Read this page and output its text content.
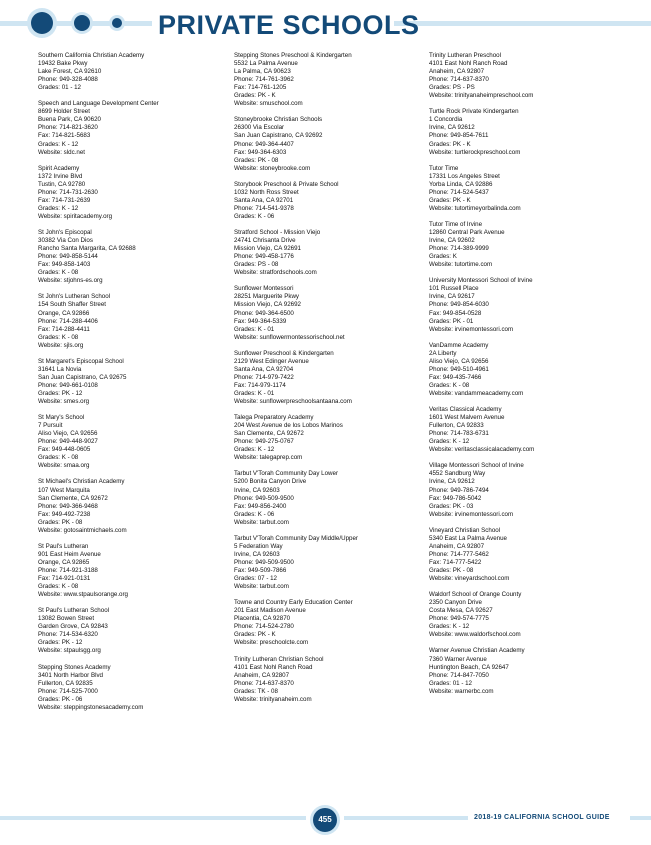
PRIVATE SCHOOLS
Southern California Christian Academy
19432 Bake Pkwy
Lake Forest, CA 92610
Phone: 949-328-4088
Grades: 01 - 12
Speech and Language Development Center
8699 Holder Street
Buena Park, CA 90620
Phone: 714-821-3620
Fax: 714-821-5683
Grades: K - 12
Website: sldc.net
Spirit Academy
1372 Irvine Blvd
Tustin, CA 92780
Phone: 714-731-2630
Fax: 714-731-2639
Grades: K - 12
Website: spiritacademy.org
St John's Episcopal
30382 Via Con Dios
Rancho Santa Margarita, CA 92688
Phone: 949-858-5144
Fax: 949-858-1403
Grades: K - 08
Website: stjohns-es.org
St John's Lutheran School
154 South Shaffer Street
Orange, CA 92866
Phone: 714-288-4406
Fax: 714-288-4411
Grades: K - 08
Website: sjls.org
St Margaret's Episcopal School
31641 La Novia
San Juan Capistrano, CA 92675
Phone: 949-661-0108
Grades: PK - 12
Website: smes.org
St Mary's School
7 Pursuit
Aliso Viejo, CA 92656
Phone: 949-448-9027
Fax: 949-448-0605
Grades: K - 08
Website: smaa.org
St Michael's Christian Academy
107 West Marquita
San Clemente, CA 92672
Phone: 949-366-9468
Fax: 949-492-7238
Grades: PK - 08
Website: gotosaintmichaels.com
St Paul's Lutheran
901 East Heim Avenue
Orange, CA 92865
Phone: 714-921-3188
Fax: 714-921-0131
Grades: K - 08
Website: www.stpaulsorange.org
St Paul's Lutheran School
13082 Bowen Street
Garden Grove, CA 92843
Phone: 714-534-6320
Grades: PK - 12
Website: stpaulsgg.org
Stepping Stones Academy
3401 North Harbor Blvd
Fullerton, CA 92835
Phone: 714-525-7000
Grades: PK - 06
Website: steppingstonesacademy.com
Stepping Stones Preschool & Kindergarten
5532 La Palma Avenue
La Palma, CA 90623
Phone: 714-761-3962
Fax: 714-761-1205
Grades: PK - K
Website: smuschool.com
Stoneybrooke Christian Schools
26300 Via Escolar
San Juan Capistrano, CA 92692
Phone: 949-364-4407
Fax: 949-364-6303
Grades: PK - 08
Website: stoneybrooke.com
Storybook Preschool & Private School
1032 North Ross Street
Santa Ana, CA 92701
Phone: 714-541-9378
Grades: K - 06
Stratford School - Mission Viejo
24741 Chrisanta Drive
Mission Viejo, CA 92691
Phone: 949-458-1776
Grades: PS - 08
Website: stratfordschools.com
Sunflower Montessori
28251 Marguerite Pkwy
Mission Viejo, CA 92692
Phone: 949-364-6500
Fax: 949-364-5339
Grades: K - 01
Website: sunflowermontessorischool.net
Sunflower Preschool & Kindergarten
2129 West Edinger Avenue
Santa Ana, CA 92704
Phone: 714-979-7422
Fax: 714-979-1174
Grades: K - 01
Website: sunflowerpreschoolsantaana.com
Talega Preparatory Academy
204 West Avenue de los Lobos Marinos
San Clemente, CA 92672
Phone: 949-275-0767
Grades: K - 12
Website: talegaprep.com
Tarbut V'Torah Community Day Lower
5200 Bonita Canyon Drive
Irvine, CA 92603
Phone: 949-509-9500
Fax: 949-856-2400
Grades: K - 06
Website: tarbut.com
Tarbut V'Torah Community Day Middle/Upper
5 Federation Way
Irvine, CA 92603
Phone: 949-509-9500
Fax: 949-509-7866
Grades: 07 - 12
Website: tarbut.com
Towne and Country Early Education Center
201 East Madison Avenue
Placentia, CA 92870
Phone: 714-524-2780
Grades: PK - K
Website: preschoolcte.com
Trinity Lutheran Christian School
4101 East Nohl Ranch Road
Anaheim, CA 92807
Phone: 714-637-8370
Grades: TK - 08
Website: trinityanaheim.com
Trinity Lutheran Preschool
4101 East Nohl Ranch Road
Anaheim, CA 92807
Phone: 714-637-8370
Grades: PS - PS
Website: trinityanaheimpreschool.com
Turtle Rock Private Kindergarten
1 Concordia
Irvine, CA 92612
Phone: 949-854-7611
Grades: PK - K
Website: turtlerockpreschool.com
Tutor Time
17331 Los Angeles Street
Yorba Linda, CA 92886
Phone: 714-524-5437
Grades: PK - K
Website: tutortimeyorbalinda.com
Tutor Time of Irvine
12860 Central Park Avenue
Irvine, CA 92602
Phone: 714-389-9999
Grades: K
Website: tutortime.com
University Montessori School of Irvine
101 Russell Place
Irvine, CA 92617
Phone: 949-854-6030
Fax: 949-854-0528
Grades: PK - 01
Website: irvinemontessori.com
VanDamme Academy
2A Liberty
Aliso Viejo, CA 92656
Phone: 949-510-4961
Fax: 949-435-7466
Grades: K - 08
Website: vandammeacademy.com
Veritas Classical Academy
1601 West Malvern Avenue
Fullerton, CA 92833
Phone: 714-783-6731
Grades: K - 12
Website: veritasclassicalacademy.com
Village Montessori School of Irvine
4552 Sandburg Way
Irvine, CA 92612
Phone: 949-786-7494
Fax: 949-786-5042
Grades: PK - 03
Website: irvinemontessori.com
Vineyard Christian School
5340 East La Palma Avenue
Anaheim, CA 92807
Phone: 714-777-5462
Fax: 714-777-5422
Grades: PK - 08
Website: vineyardschool.com
Waldorf School of Orange County
2350 Canyon Drive
Costa Mesa, CA 92627
Phone: 949-574-7775
Grades: K - 12
Website: www.waldorfschool.com
Warner Avenue Christian Academy
7360 Warner Avenue
Huntington Beach, CA 92647
Phone: 714-847-7050
Grades: 01 - 12
Website: warnerbc.com
455	2018-19 CALIFORNIA SCHOOL GUIDE
